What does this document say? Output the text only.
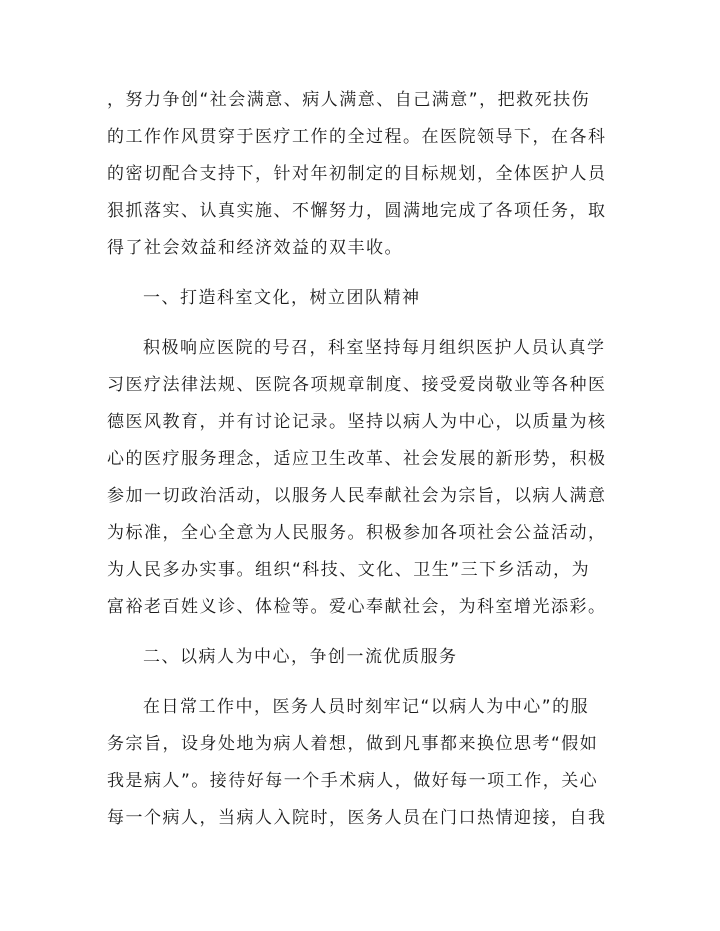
，努力争创“社会满意、病人满意、自己满意”，把救死扶伤
的工作作风贯穿于医疗工作的全过程。在医院领导下，在各科
的密切配合支持下，针对年初制定的目标规划，全体医护人员
狠抓落实、认真实施、不懈努力，圆满地完成了各项任务，取
得了社会效益和经济效益的双丰收。
一、打造科室文化，树立团队精神
积极响应医院的号召，科室坚持每月组织医护人员认真学
习医疗法律法规、医院各项规章制度、接受爱岗敬业等各种医
德医风教育，并有讨论记录。坚持以病人为中心，以质量为核
心的医疗服务理念，适应卫生改革、社会发展的新形势，积极
参加一切政治活动，以服务人民奉献社会为宗旨，以病人满意
为标准，全心全意为人民服务。积极参加各项社会公益活动，
为人民多办实事。组织“科技、文化、卫生”三下乡活动，为
富裕老百姓义诊、体检等。爱心奉献社会，为科室增光添彩。
二、以病人为中心，争创一流优质服务
在日常工作中，医务人员时刻牢记“以病人为中心”的服
务宗旨，设身处地为病人着想，做到凡事都来换位思考“假如
我是病人”。接待好每一个手术病人，做好每一项工作，关心
每一个病人，当病人入院时，医务人员在门口热情迎接，自我
